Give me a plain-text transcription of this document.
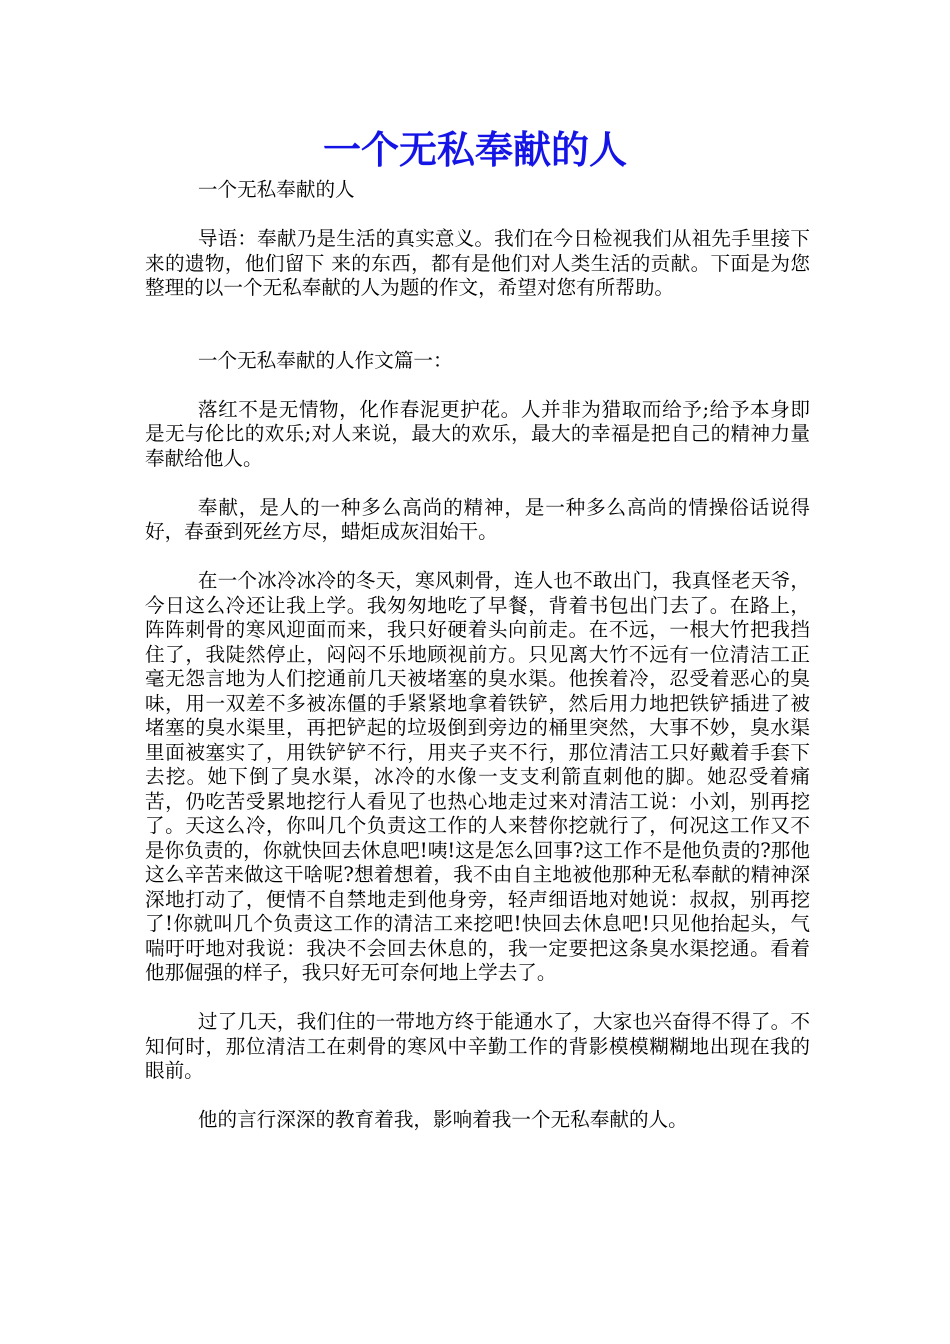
一个无私奉献的人

一个无私奉献的人

导语：奉献乃是生活的真实意义。我们在今日检视我们从祖先手里接下来的遗物，他们留下 来的东西，都有是他们对人类生活的贡献。下面是为您整理的以一个无私奉献的人为题的作文，希望对您有所帮助。

一个无私奉献的人作文篇一：

落红不是无情物，化作春泥更护花。人并非为猎取而给予;给予本身即是无与伦比的欢乐;对人来说，最大的欢乐，最大的幸福是把自己的精神力量奉献给他人。

奉献，是人的一种多么高尚的精神，是一种多么高尚的情操俗话说得好，春蚕到死丝方尽，蜡炬成灰泪始干。

在一个冰冷冰冷的冬天，寒风刺骨，连人也不敢出门，我真怪老天爷，今日这么冷还让我上学。我匆匆地吃了早餐，背着书包出门去了。在路上，阵阵刺骨的寒风迎面而来，我只好硬着头向前走。在不远，一根大竹把我挡住了，我陡然停止，闷闷不乐地顾视前方。只见离大竹不远有一位清洁工正毫无怨言地为人们挖通前几天被堵塞的臭水渠。他挨着冷，忍受着恶心的臭味，用一双差不多被冻僵的手紧紧地拿着铁铲，然后用力地把铁铲插进了被堵塞的臭水渠里，再把铲起的垃圾倒到旁边的桶里突然，大事不妙，臭水渠里面被塞实了，用铁铲铲不行，用夹子夹不行，那位清洁工只好戴着手套下去挖。她下倒了臭水渠，冰冷的水像一支支利箭直刺他的脚。她忍受着痛苦，仍吃苦受累地挖行人看见了也热心地走过来对清洁工说：小刘，别再挖了。天这么冷，你叫几个负责这工作的人来替你挖就行了，何况这工作又不是你负责的，你就快回去休息吧!咦!这是怎么回事?这工作不是他负责的?那他这么辛苦来做这干啥呢?想着想着，我不由自主地被他那种无私奉献的精神深深地打动了，便情不自禁地走到他身旁，轻声细语地对她说：叔叔，别再挖了!你就叫几个负责这工作的清洁工来挖吧!快回去休息吧!只见他抬起头，气喘吁吁地对我说：我决不会回去休息的，我一定要把这条臭水渠挖通。看着他那倔强的样子，我只好无可奈何地上学去了。

过了几天，我们住的一带地方终于能通水了，大家也兴奋得不得了。不知何时，那位清洁工在刺骨的寒风中辛勤工作的背影模模糊糊地出现在我的眼前。

他的言行深深的教育着我，影响着我一个无私奉献的人。
